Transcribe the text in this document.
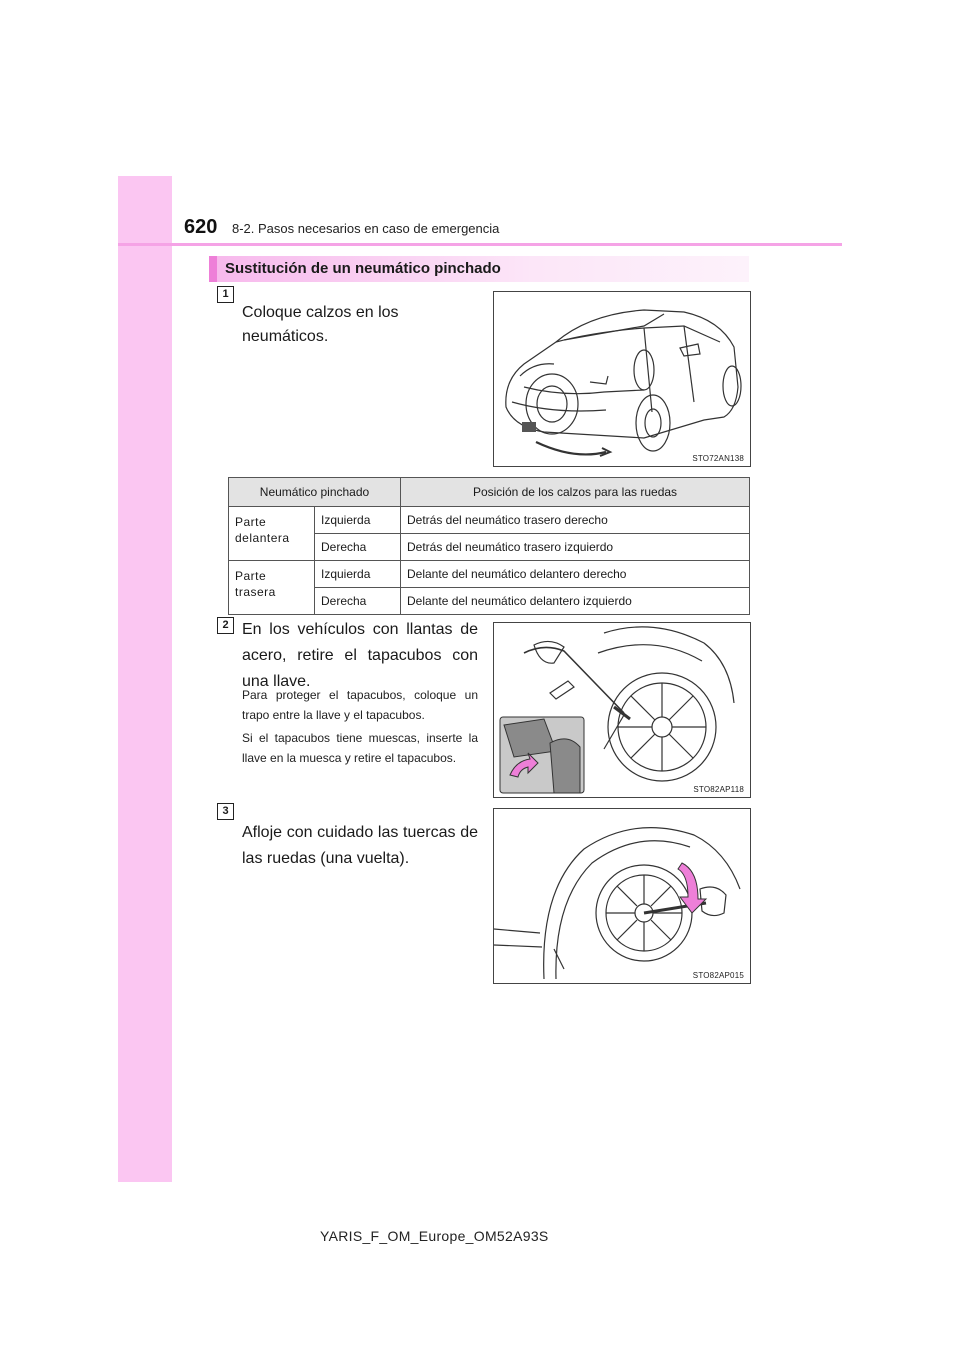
620 8-2. Pasos necesarios en caso de emergencia
Sustitución de un neumático pinchado
1
Coloque calzos en los neumáticos.
STO72AN138
Neumático pinchado		Posición de los calzos para las ruedas
Parte delantera	Izquierda	Detrás del neumático trasero derecho
	Derecha	Detrás del neumático trasero izquierdo
Parte trasera	Izquierda	Delante del neumático delantero derecho
	Derecha	Delante del neumático delantero izquierdo
2 En los vehículos con llantas de acero, retire el tapacubos con una llave.
Para proteger el tapacubos, coloque un trapo entre la llave y el tapacubos.
Si el tapacubos tiene muescas, inserte la llave en la muesca y retire el tapacubos.
STO82AP118
3
Afloje con cuidado las tuercas de las ruedas (una vuelta).
STO82AP015
YARIS_F_OM_Europe_OM52A93S
